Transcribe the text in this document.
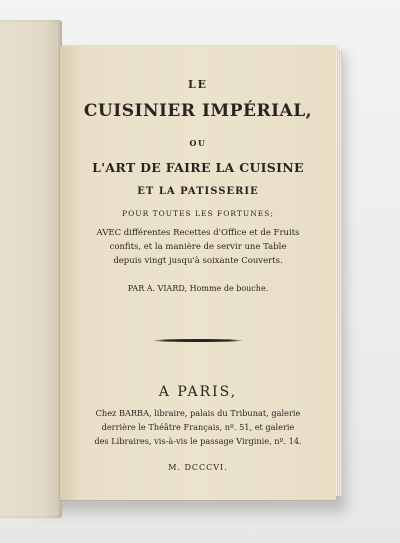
LE

CUISINIER IMPÉRIAL,

OU

L'ART DE FAIRE LA CUISINE

ET LA PATISSERIE

POUR TOUTES LES FORTUNES;

AVEC différentes Recettes d'Office et de Fruits

confits, et la manière de servir une Table

depuis vingt jusqu'à soixante Couverts.

PAR A. VIARD, Homme de bouche.

A PARIS,

Chez BARBA, libraire, palais du Tribunat, galerie

derrière le Théâtre Français, nº. 51, et galerie

des Libraires, vis-à-vis le passage Virginie, nº. 14.

M. DCCCVI.
